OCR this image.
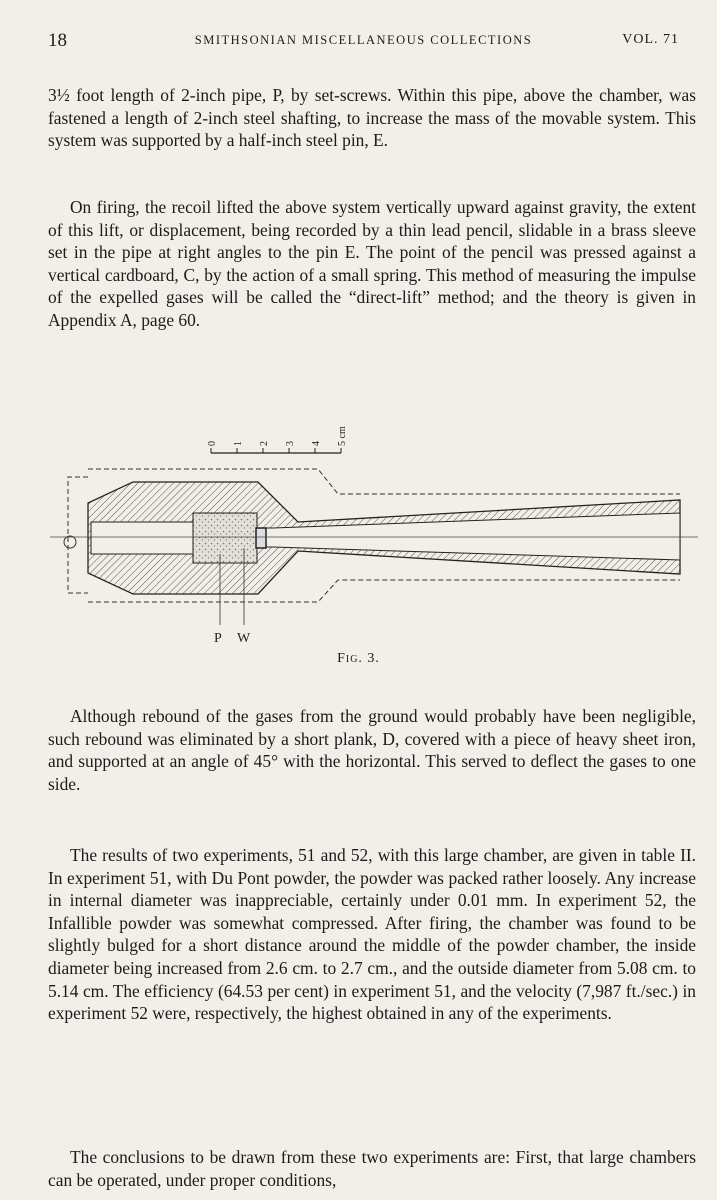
18	SMITHSONIAN MISCELLANEOUS COLLECTIONS	VOL. 71

3½ foot length of 2-inch pipe, P, by set-screws. Within this pipe, above the chamber, was fastened a length of 2-inch steel shafting, to increase the mass of the movable system. This system was supported by a half-inch steel pin, E.

On firing, the recoil lifted the above system vertically upward against gravity, the extent of this lift, or displacement, being recorded by a thin lead pencil, slidable in a brass sleeve set in the pipe at right angles to the pin E. The point of the pencil was pressed against a vertical cardboard, C, by the action of a small spring. This method of measuring the impulse of the expelled gases will be called the “direct-lift” method; and the theory is given in Appendix A, page 60.

0 1 2 3 4 5 cm
P W
Fig. 3.

Although rebound of the gases from the ground would probably have been negligible, such rebound was eliminated by a short plank, D, covered with a piece of heavy sheet iron, and supported at an angle of 45° with the horizontal. This served to deflect the gases to one side.

The results of two experiments, 51 and 52, with this large chamber, are given in table II. In experiment 51, with Du Pont powder, the powder was packed rather loosely. Any increase in internal diameter was inappreciable, certainly under 0.01 mm. In experiment 52, the Infallible powder was somewhat compressed. After firing, the chamber was found to be slightly bulged for a short distance around the middle of the powder chamber, the inside diameter being increased from 2.6 cm. to 2.7 cm., and the outside diameter from 5.08 cm. to 5.14 cm. The efficiency (64.53 per cent) in experiment 51, and the velocity (7,987 ft./sec.) in experiment 52 were, respectively, the highest obtained in any of the experiments.

The conclusions to be drawn from these two experiments are: First, that large chambers can be operated, under proper conditions,
